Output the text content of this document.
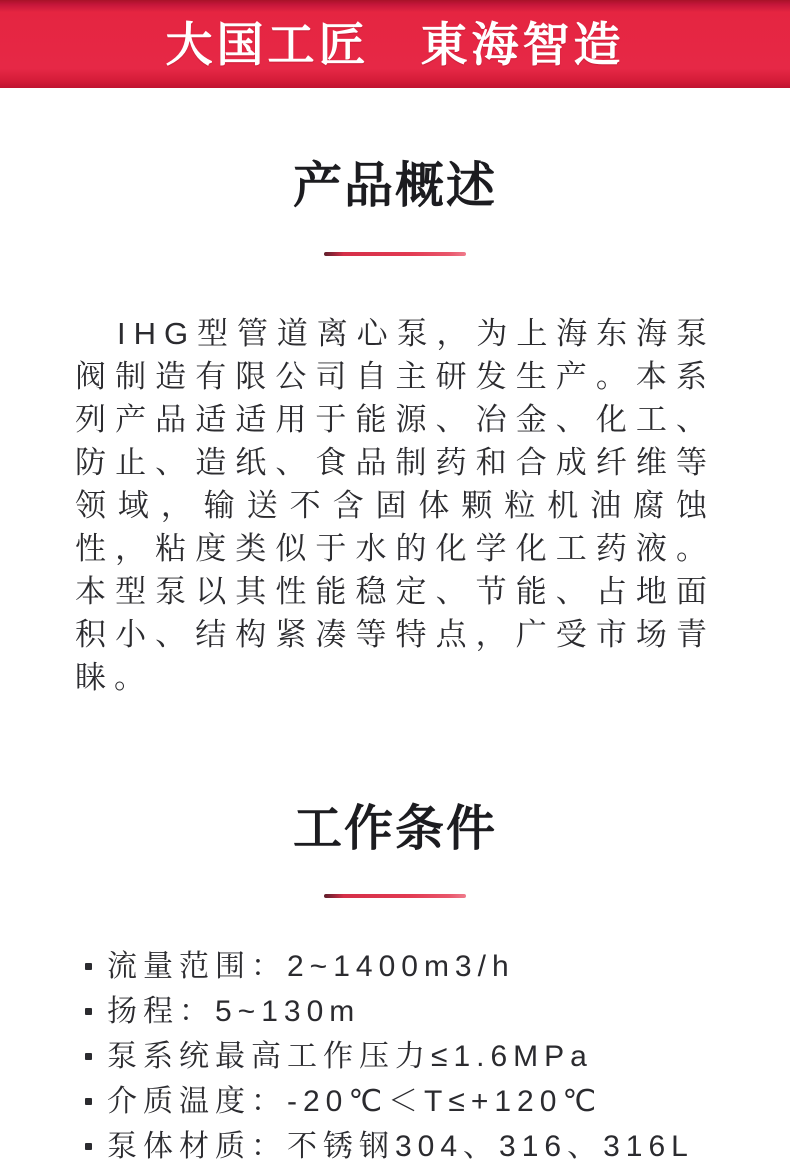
大国工匠　東海智造
产品概述

IHG型管道离心泵，为上海东海泵阀制造有限公司自主研发生产。本系列产品适适用于能源、冶金、化工、防止、造纸、食品制药和合成纤维等领域，输送不含固体颗粒机油腐蚀性，粘度类似于水的化学化工药液。本型泵以其性能稳定、节能、占地面积小、结构紧凑等特点，广受市场青睐。

工作条件
流量范围：2~1400m3/h
扬程：5~130m
泵系统最高工作压力≤1.6MPa
介质温度：-20℃＜T≤+120℃
泵体材质：不锈钢304、316、316L
